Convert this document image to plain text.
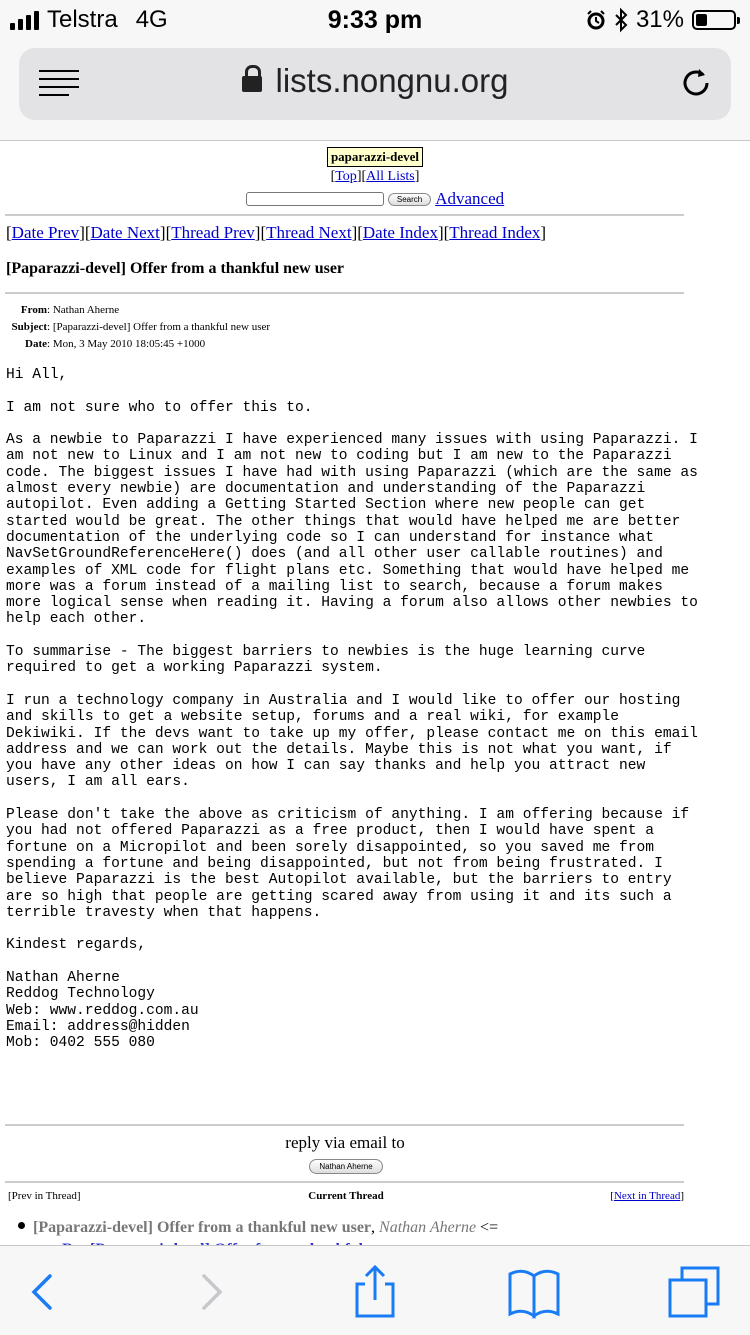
Telstra 4G	9:33 pm	31%
lists.nongnu.org
paparazzi-devel
[Top][All Lists]
Search Advanced
[Date Prev][Date Next][Thread Prev][Thread Next][Date Index][Thread Index]
[Paparazzi-devel] Offer from a thankful new user
From: Nathan Aherne
Subject: [Paparazzi-devel] Offer from a thankful new user
Date: Mon, 3 May 2010 18:05:45 +1000
Hi All,

I am not sure who to offer this to.

As a newbie to Paparazzi I have experienced many issues with using Paparazzi. I
am not new to Linux and I am not new to coding but I am new to the Paparazzi
code. The biggest issues I have had with using Paparazzi (which are the same as
almost every newbie) are documentation and understanding of the Paparazzi
autopilot. Even adding a Getting Started Section where new people can get
started would be great. The other things that would have helped me are better
documentation of the underlying code so I can understand for instance what
NavSetGroundReferenceHere() does (and all other user callable routines) and
examples of XML code for flight plans etc. Something that would have helped me
more was a forum instead of a mailing list to search, because a forum makes
more logical sense when reading it. Having a forum also allows other newbies to
help each other.

To summarise - The biggest barriers to newbies is the huge learning curve
required to get a working Paparazzi system.

I run a technology company in Australia and I would like to offer our hosting
and skills to get a website setup, forums and a real wiki, for example
Dekiwiki. If the devs want to take up my offer, please contact me on this email
address and we can work out the details. Maybe this is not what you want, if
you have any other ideas on how I can say thanks and help you attract new
users, I am all ears.

Please don't take the above as criticism of anything. I am offering because if
you had not offered Paparazzi as a free product, then I would have spent a
fortune on a Micropilot and been sorely disappointed, so you saved me from
spending a fortune and being disappointed, but not from being frustrated. I
believe Paparazzi is the best Autopilot available, but the barriers to entry
are so high that people are getting scared away from using it and its such a
terrible travesty when that happens.

Kindest regards,

Nathan Aherne
Reddog Technology
Web: www.reddog.com.au
Email: address@hidden
Mob: 0402 555 080
reply via email to
Nathan Aherne
[Prev in Thread]	Current Thread	[Next in Thread]
[Paparazzi-devel] Offer from a thankful new user, Nathan Aherne <=
